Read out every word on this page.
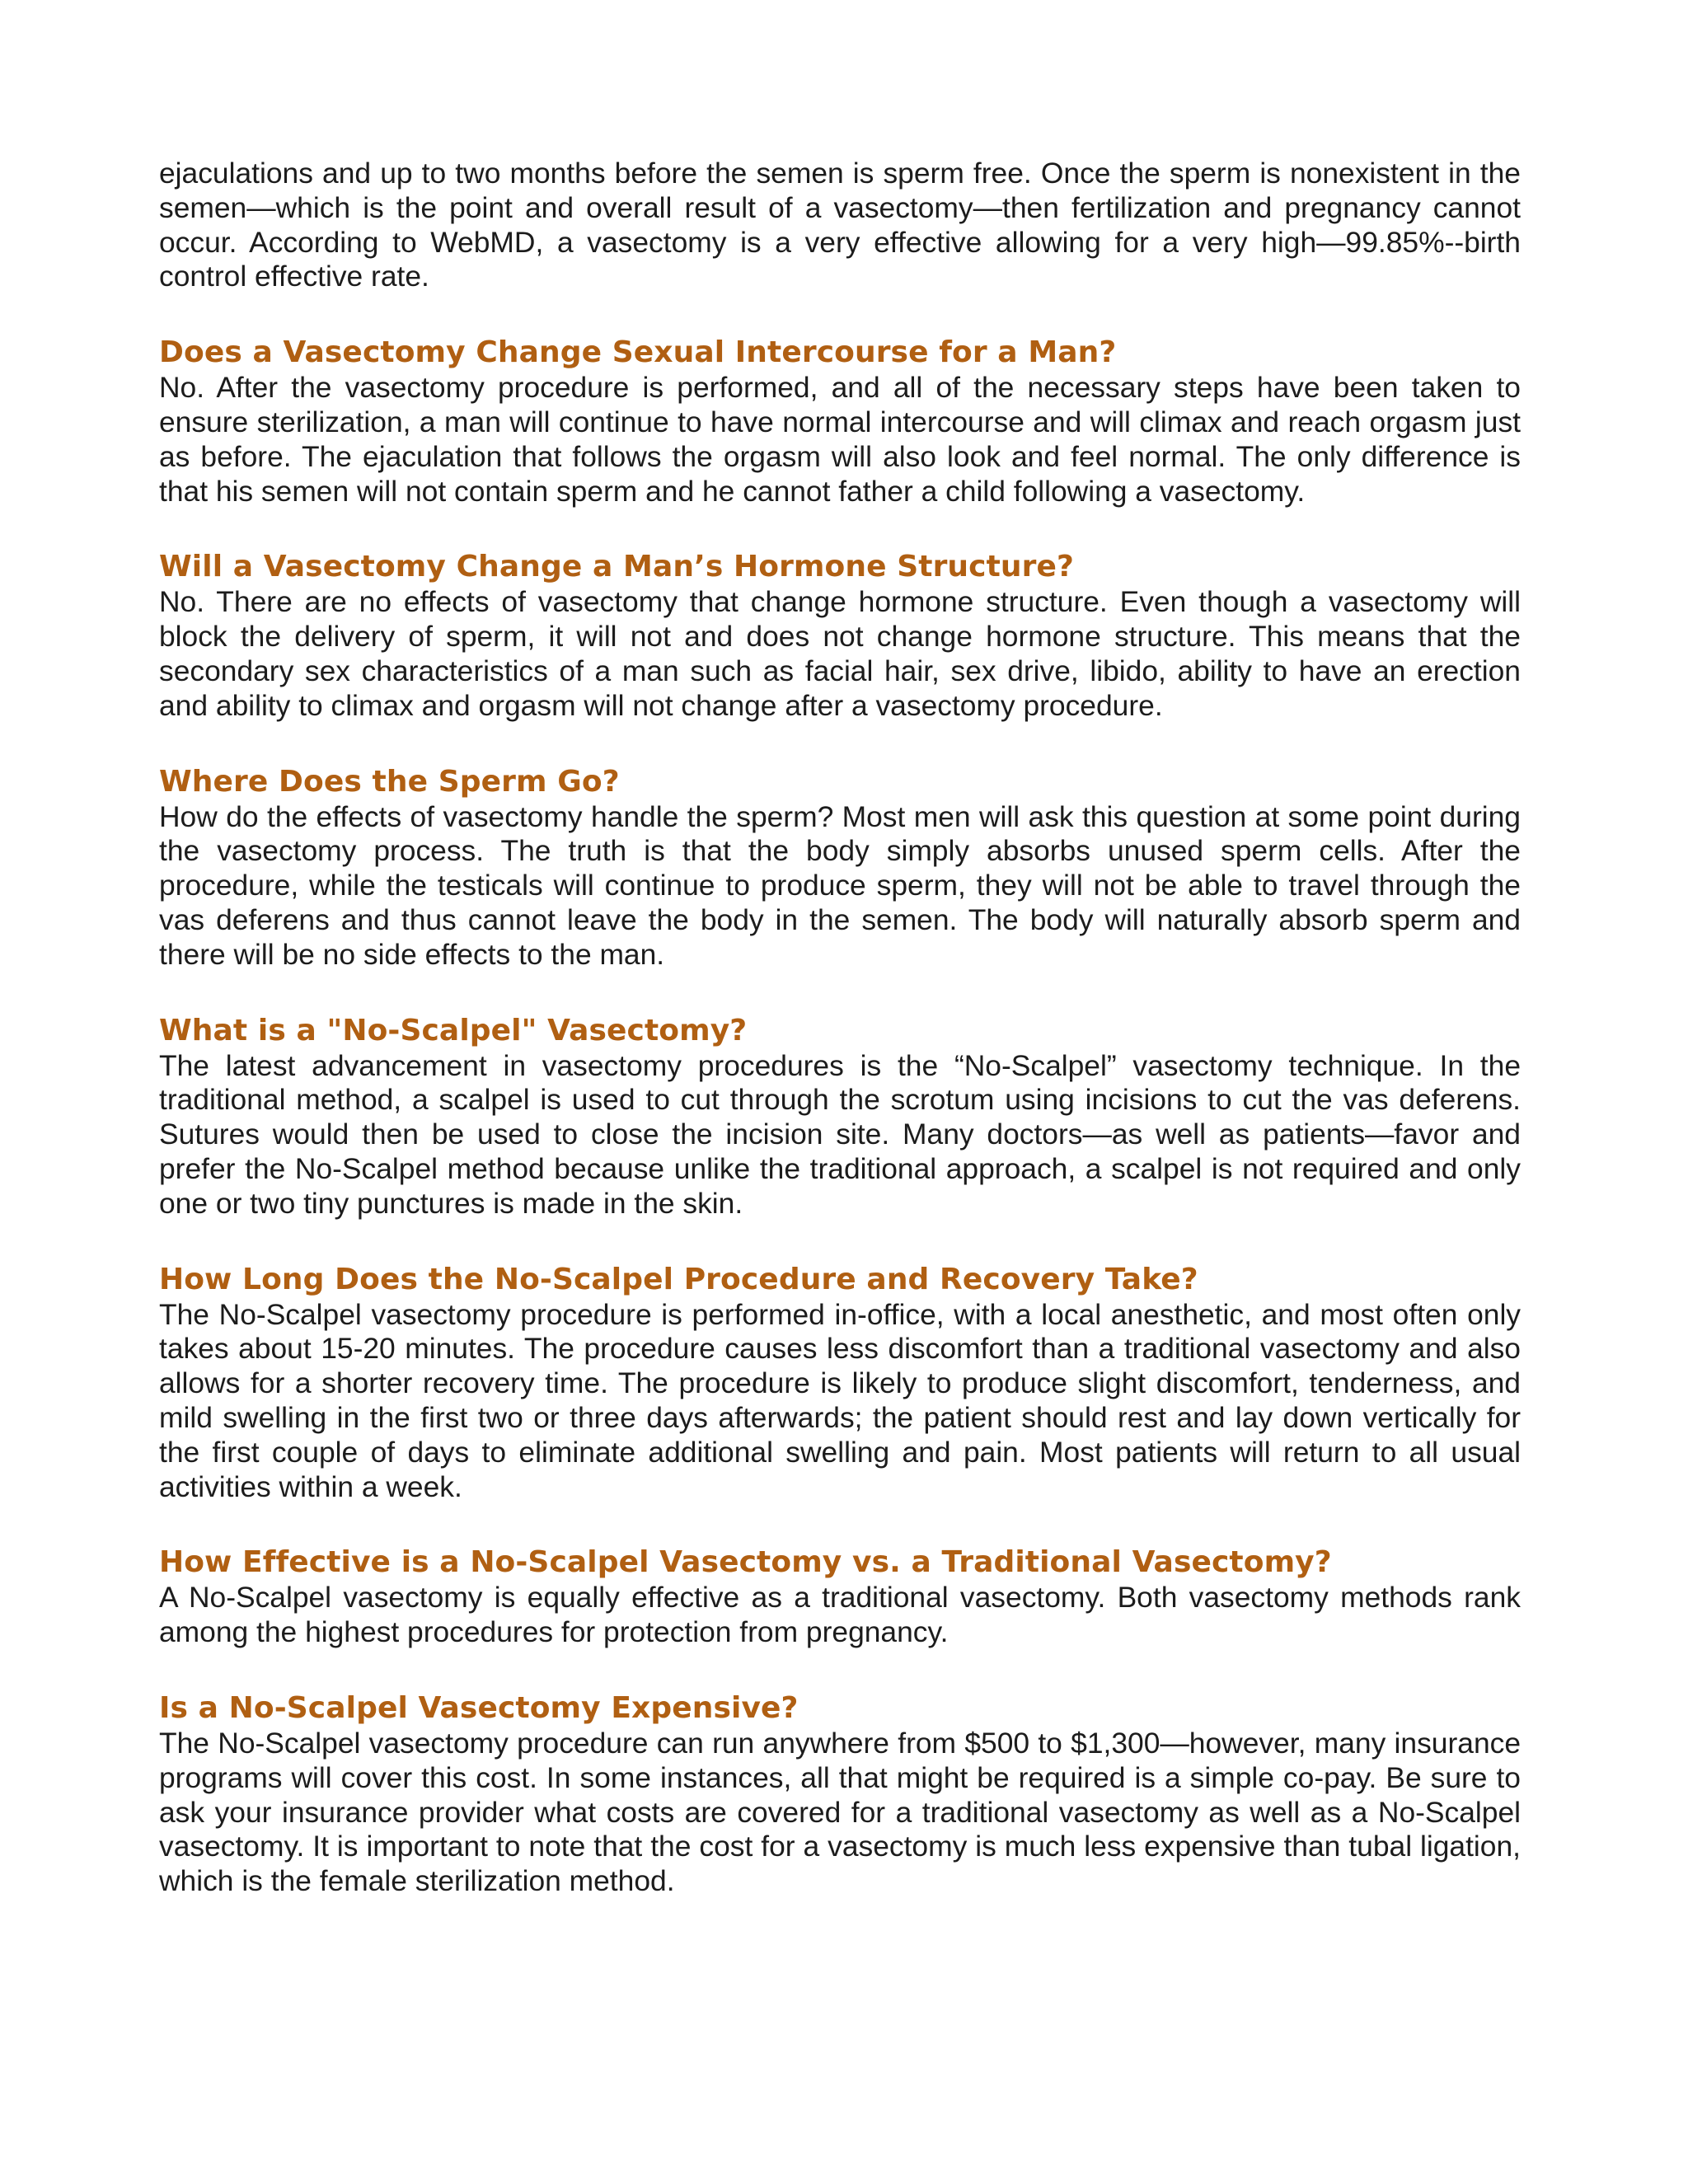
ejaculations and up to two months before the semen is sperm free. Once the sperm is nonexistent in the semen—which is the point and overall result of a vasectomy—then fertilization and pregnancy cannot occur. According to WebMD, a vasectomy is a very effective allowing for a very high—99.85%--birth control effective rate.

Does a Vasectomy Change Sexual Intercourse for a Man?

No. After the vasectomy procedure is performed, and all of the necessary steps have been taken to ensure sterilization, a man will continue to have normal intercourse and will climax and reach orgasm just as before. The ejaculation that follows the orgasm will also look and feel normal. The only difference is that his semen will not contain sperm and he cannot father a child following a vasectomy.

Will a Vasectomy Change a Man’s Hormone Structure?

No. There are no effects of vasectomy that change hormone structure. Even though a vasectomy will block the delivery of sperm, it will not and does not change hormone structure. This means that the secondary sex characteristics of a man such as facial hair, sex drive, libido, ability to have an erection and ability to climax and orgasm will not change after a vasectomy procedure.

Where Does the Sperm Go?

How do the effects of vasectomy handle the sperm? Most men will ask this question at some point during the vasectomy process. The truth is that the body simply absorbs unused sperm cells. After the procedure, while the testicals will continue to produce sperm, they will not be able to travel through the vas deferens and thus cannot leave the body in the semen. The body will naturally absorb sperm and there will be no side effects to the man.

What is a "No-Scalpel" Vasectomy?

The latest advancement in vasectomy procedures is the “No-Scalpel” vasectomy technique. In the traditional method, a scalpel is used to cut through the scrotum using incisions to cut the vas deferens. Sutures would then be used to close the incision site. Many doctors—as well as patients—favor and prefer the No-Scalpel method because unlike the traditional approach, a scalpel is not required and only one or two tiny punctures is made in the skin.

How Long Does the No-Scalpel Procedure and Recovery Take?

The No-Scalpel vasectomy procedure is performed in-office, with a local anesthetic, and most often only takes about 15-20 minutes. The procedure causes less discomfort than a traditional vasectomy and also allows for a shorter recovery time. The procedure is likely to produce slight discomfort, tenderness, and mild swelling in the first two or three days afterwards; the patient should rest and lay down vertically for the first couple of days to eliminate additional swelling and pain. Most patients will return to all usual activities within a week.

How Effective is a No-Scalpel Vasectomy vs. a Traditional Vasectomy?

A No-Scalpel vasectomy is equally effective as a traditional vasectomy. Both vasectomy methods rank among the highest procedures for protection from pregnancy.

Is a No-Scalpel Vasectomy Expensive?

The No-Scalpel vasectomy procedure can run anywhere from $500 to $1,300—however, many insurance programs will cover this cost. In some instances, all that might be required is a simple co-pay. Be sure to ask your insurance provider what costs are covered for a traditional vasectomy as well as a No-Scalpel vasectomy. It is important to note that the cost for a vasectomy is much less expensive than tubal ligation, which is the female sterilization method.
